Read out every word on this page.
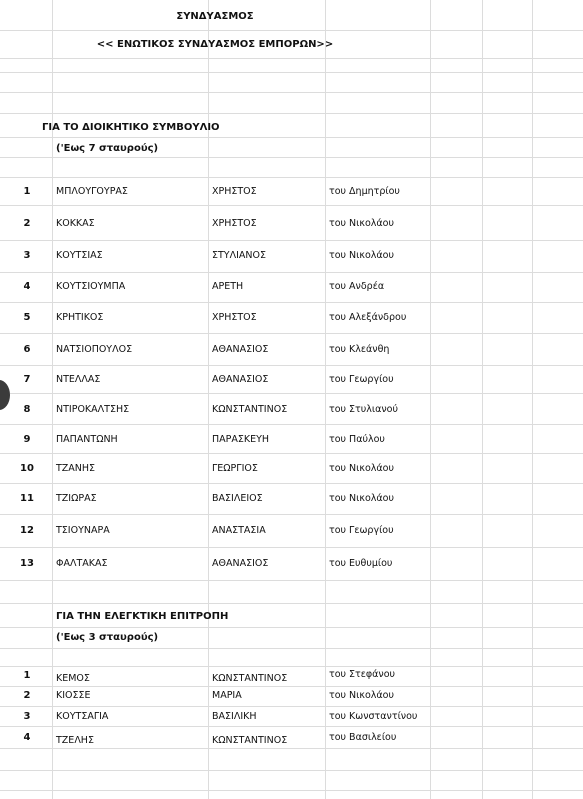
ΣΥΝΔΥΑΣΜΟΣ
<< ΕΝΩΤΙΚΟΣ ΣΥΝΔΥΑΣΜΟΣ ΕΜΠΟΡΩΝ>>
ΓΙΑ ΤΟ ΔΙΟΙΚΗΤΙΚΟ ΣΥΜΒΟΥΛΙΟ
('Εως 7 σταυρούς)
1	ΜΠΛΟΥΓΟΥΡΑΣ	ΧΡΗΣΤΟΣ	του Δημητρίου
2	ΚΟΚΚΑΣ	ΧΡΗΣΤΟΣ	του Νικολάου
3	ΚΟΥΤΣΙΑΣ	ΣΤΥΛΙΑΝΟΣ	του Νικολάου
4	ΚΟΥΤΣΙΟΥΜΠΑ	ΑΡΕΤΗ	του Ανδρέα
5	ΚΡΗΤΙΚΟΣ	ΧΡΗΣΤΟΣ	του Αλεξάνδρου
6	ΝΑΤΣΙΟΠΟΥΛΟΣ	ΑΘΑΝΑΣΙΟΣ	του Κλεάνθη
7	ΝΤΕΛΛΑΣ	ΑΘΑΝΑΣΙΟΣ	του Γεωργίου
8	ΝΤΙΡΟΚΑΛΤΣΗΣ	ΚΩΝΣΤΑΝΤΙΝΟΣ	του Στυλιανού
9	ΠΑΠΑΝΤΩΝΗ	ΠΑΡΑΣΚΕΥΗ	του Παύλου
10	ΤΖΑΝΗΣ	ΓΕΩΡΓΙΟΣ	του Νικολάου
11	ΤΖΙΩΡΑΣ	ΒΑΣΙΛΕΙΟΣ	του Νικολάου
12	ΤΣΙΟΥΝΑΡΑ	ΑΝΑΣΤΑΣΙΑ	του Γεωργίου
13	ΦΑΛΤΑΚΑΣ	ΑΘΑΝΑΣΙΟΣ	του Ευθυμίου
ΓΙΑ ΤΗΝ ΕΛΕΓΚΤΙΚΗ ΕΠΙΤΡΟΠΗ
('Εως 3 σταυρούς)
1	ΚΕΜΟΣ	ΚΩΝΣΤΑΝΤΙΝΟΣ	του Στεφάνου
2	ΚΙΟΣΣΕ	ΜΑΡΙΑ	του Νικολάου
3	ΚΟΥΤΣΑΓΙΑ	ΒΑΣΙΛΙΚΗ	του Κωνσταντίνου
4	ΤΖΕΛΗΣ	ΚΩΝΣΤΑΝΤΙΝΟΣ	του Βασιλείου
